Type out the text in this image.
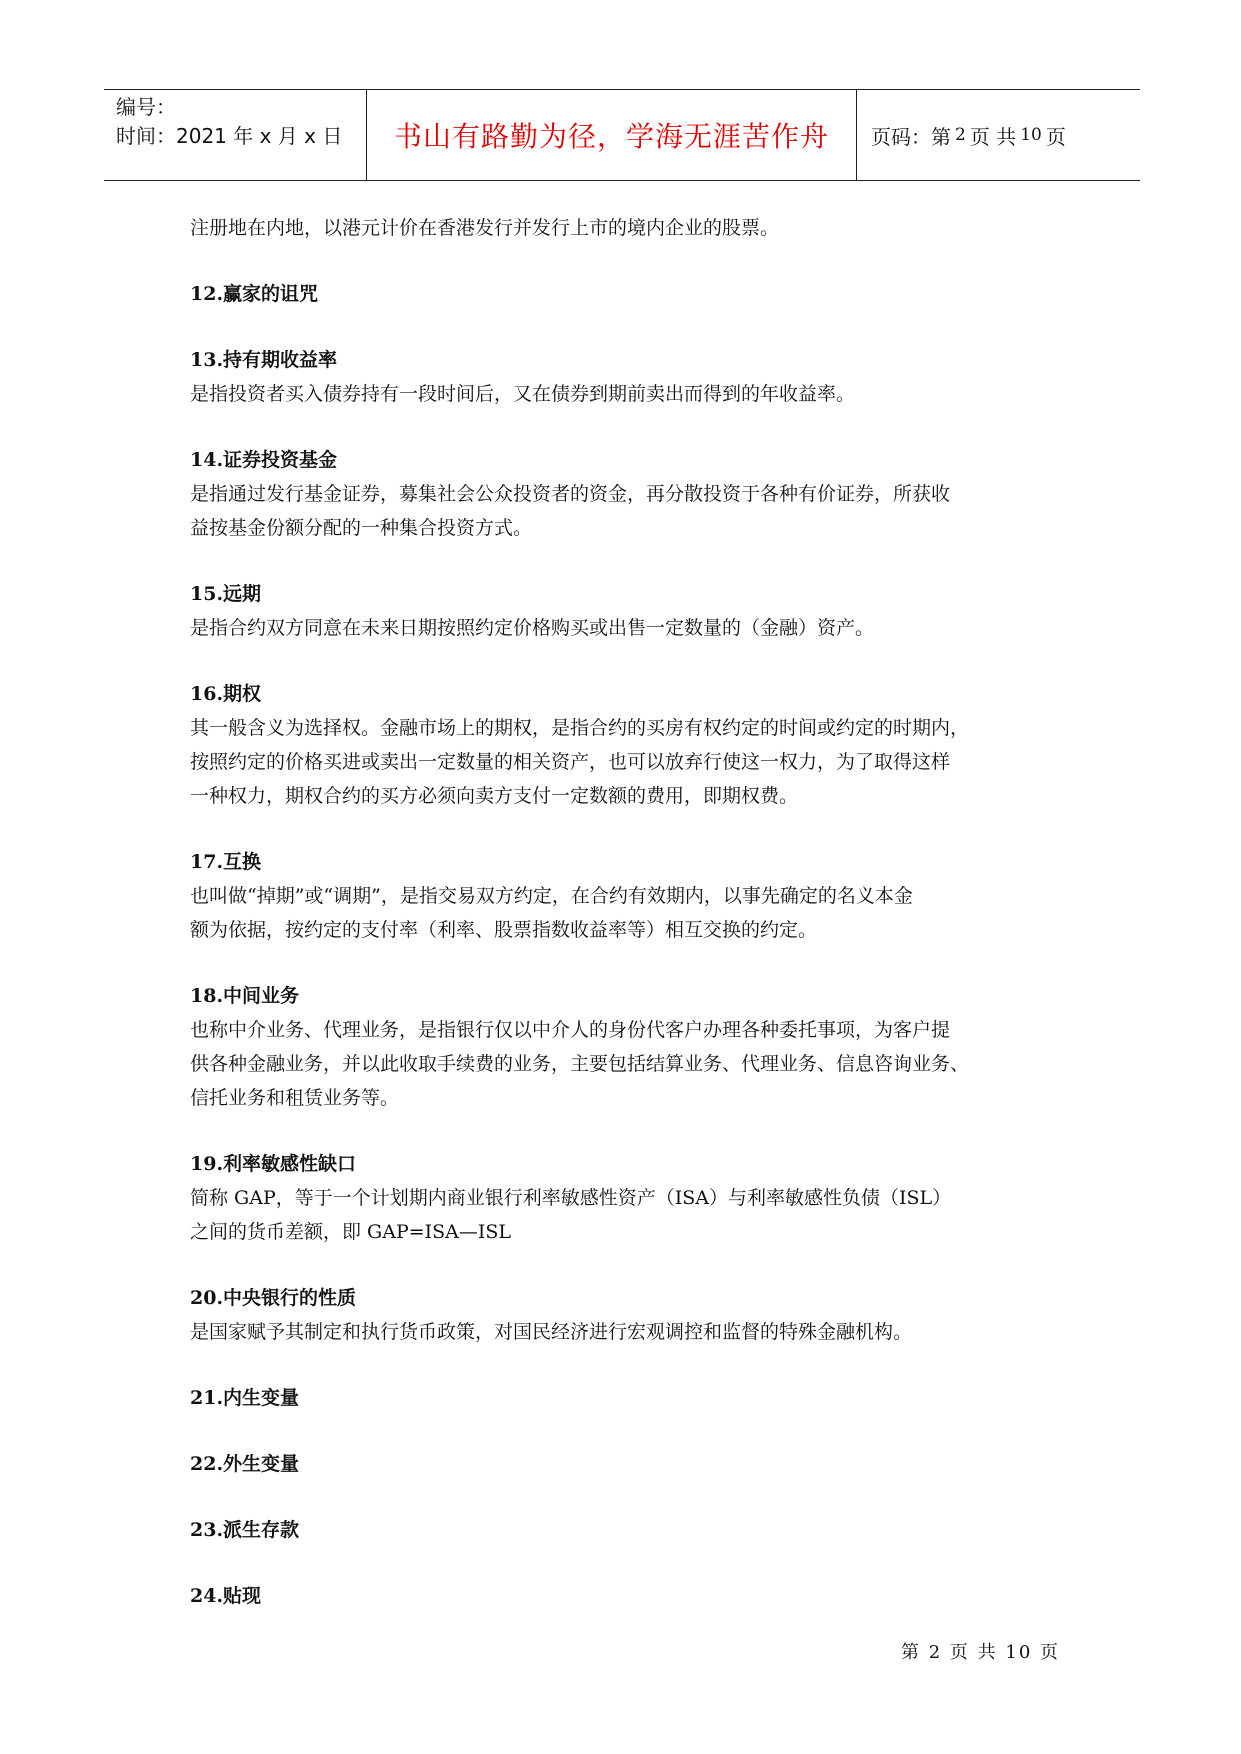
编号：
时间：2021 年 x 月 x 日	书山有路勤为径，学海无涯苦作舟	页码：第 2 页 共 10 页

注册地在内地，以港元计价在香港发行并发行上市的境内企业的股票。

12.赢家的诅咒

13.持有期收益率

是指投资者买入债券持有一段时间后，又在债券到期前卖出而得到的年收益率。

14.证券投资基金

是指通过发行基金证券，募集社会公众投资者的资金，再分散投资于各种有价证券，所获收

益按基金份额分配的一种集合投资方式。

15.远期

是指合约双方同意在未来日期按照约定价格购买或出售一定数量的（金融）资产。

16.期权

其一般含义为选择权。金融市场上的期权，是指合约的买房有权约定的时间或约定的时期内，

按照约定的价格买进或卖出一定数量的相关资产，也可以放弃行使这一权力，为了取得这样

一种权力，期权合约的买方必须向卖方支付一定数额的费用，即期权费。

17.互换

也叫做“掉期”或“调期”，是指交易双方约定，在合约有效期内，以事先确定的名义本金

额为依据，按约定的支付率（利率、股票指数收益率等）相互交换的约定。

18.中间业务

也称中介业务、代理业务，是指银行仅以中介人的身份代客户办理各种委托事项，为客户提

供各种金融业务，并以此收取手续费的业务，主要包括结算业务、代理业务、信息咨询业务、

信托业务和租赁业务等。

19.利率敏感性缺口

简称 GAP，等于一个计划期内商业银行利率敏感性资产（ISA）与利率敏感性负债（ISL）

之间的货币差额，即 GAP=ISA—ISL

20.中央银行的性质

是国家赋予其制定和执行货币政策，对国民经济进行宏观调控和监督的特殊金融机构。

21.内生变量

22.外生变量

23.派生存款

24.贴现

第 2 页 共 10 页
